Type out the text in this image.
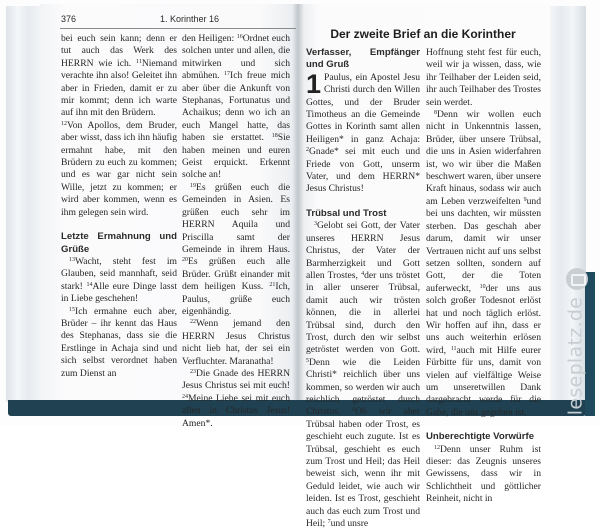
376	1. Korinther 16

bei euch sein kann; denn er tut auch das Werk des HERRN wie ich. $^{11}$Niemand verachte ihn also! Geleitet ihn aber in Frieden, damit er zu mir kommt; denn ich warte auf ihn mit den Brüdern.

$^{12}$Von Apollos, dem Bruder, aber wisst, dass ich ihn häufig ermahnt habe, mit den Brüdern zu euch zu kommen; und es war gar nicht sein Wille, jetzt zu kommen; er wird aber kommen, wenn es ihm gelegen sein wird.

Letzte Ermahnung und Grüße

$^{13}$Wacht, steht fest im Glauben, seid mannhaft, seid stark! $^{14}$Alle eure Dinge lasst in Liebe geschehen!

$^{15}$Ich ermahne euch aber, Brüder – ihr kennt das Haus des Stephanas, dass sie die Erstlinge in Achaja sind und sich selbst verordnet haben zum Dienst an

den Heiligen: $^{16}$Ordnet euch solchen unter und allen, die mitwirken und sich abmühen. $^{17}$Ich freue mich aber über die Ankunft von Stephanas, Fortunatus und Achaikus; denn wo ich an euch Mangel hatte, das haben sie erstattet. $^{18}$Sie haben meinen und euren Geist erquickt. Erkennt solche an!

$^{19}$Es grüßen euch die Gemeinden in Asien. Es grüßen euch sehr im HERRN Aquila und Priscilla samt der Gemeinde in ihrem Haus. $^{20}$Es grüßen euch alle Brüder. Grüßt einander mit dem heiligen Kuss. $^{21}$Ich, Paulus, grüße euch eigenhändig.

$^{22}$Wenn jemand den HERRN Jesus Christus nicht lieb hat, der sei ein Verfluchter. Maranatha!

$^{23}$Die Gnade des HERRN Jesus Christus sei mit euch! $^{24}$Meine Liebe sei mit euch allen in Christus Jesus! Amen*.

Der zweite Brief an die Korinther
Verfasser, Empfänger und Gruß

1 Paulus, ein Apostel Jesu Christi durch den Willen Gottes, und der Bruder Timotheus an die Gemeinde Gottes in Korinth samt allen Heiligen* in ganz Achaja: $^2$Gnade* sei mit euch und Friede von Gott, unserm Vater, und dem HERRN* Jesus Christus!

Trübsal und Trost

$^3$Gelobt sei Gott, der Vater unseres HERRN Jesus Christus, der Vater der Barmherzigkeit und Gott allen Trostes, $^4$der uns tröstet in aller unserer Trübsal, damit auch wir trösten können, die in allerlei Trübsal sind, durch den Trost, durch den wir selbst getröstet werden von Gott. $^5$Denn wie die Leiden Christi* reichlich über uns kommen, so werden wir auch reichlich getröstet durch Christus. $^6$Ob wir aber Trübsal haben oder Trost, es geschieht euch zugute. Ist es Trübsal, geschieht es euch zum Trost und Heil; das Heil beweist sich, wenn ihr mit Geduld leidet, wie auch wir leiden. Ist es Trost, geschieht auch das euch zum Trost und Heil; $^7$und unsre

Hoffnung steht fest für euch, weil wir ja wissen, dass, wie ihr Teilhaber der Leiden seid, ihr auch Teilhaber des Trostes sein werdet.

$^8$Denn wir wollen euch nicht in Unkenntnis lassen, Brüder, über unsere Trübsal, die uns in Asien widerfahren ist, wo wir über die Maßen beschwert waren, über unsere Kraft hinaus, sodass wir auch am Leben verzweifelten $^9$und bei uns dachten, wir müssten sterben. Das geschah aber darum, damit wir unser Vertrauen nicht auf uns selbst setzen sollten, sondern auf Gott, der die Toten auferweckt, $^{10}$der uns aus solch großer Todesnot erlöst hat und noch täglich erlöst. Wir hoffen auf ihn, dass er uns auch weiterhin erlösen wird, $^{11}$auch mit Hilfe eurer Fürbitte für uns, damit von vielen auf vielfältige Weise um unseretwillen Dank dargebracht werde für die Gabe, die uns gegeben ist.

Unberechtigte Vorwürfe

$^{12}$Denn unser Ruhm ist dieser: das Zeugnis unseres Gewissens, dass wir in Schlichtheit und göttlicher Reinheit, nicht in

leseplatz.de
